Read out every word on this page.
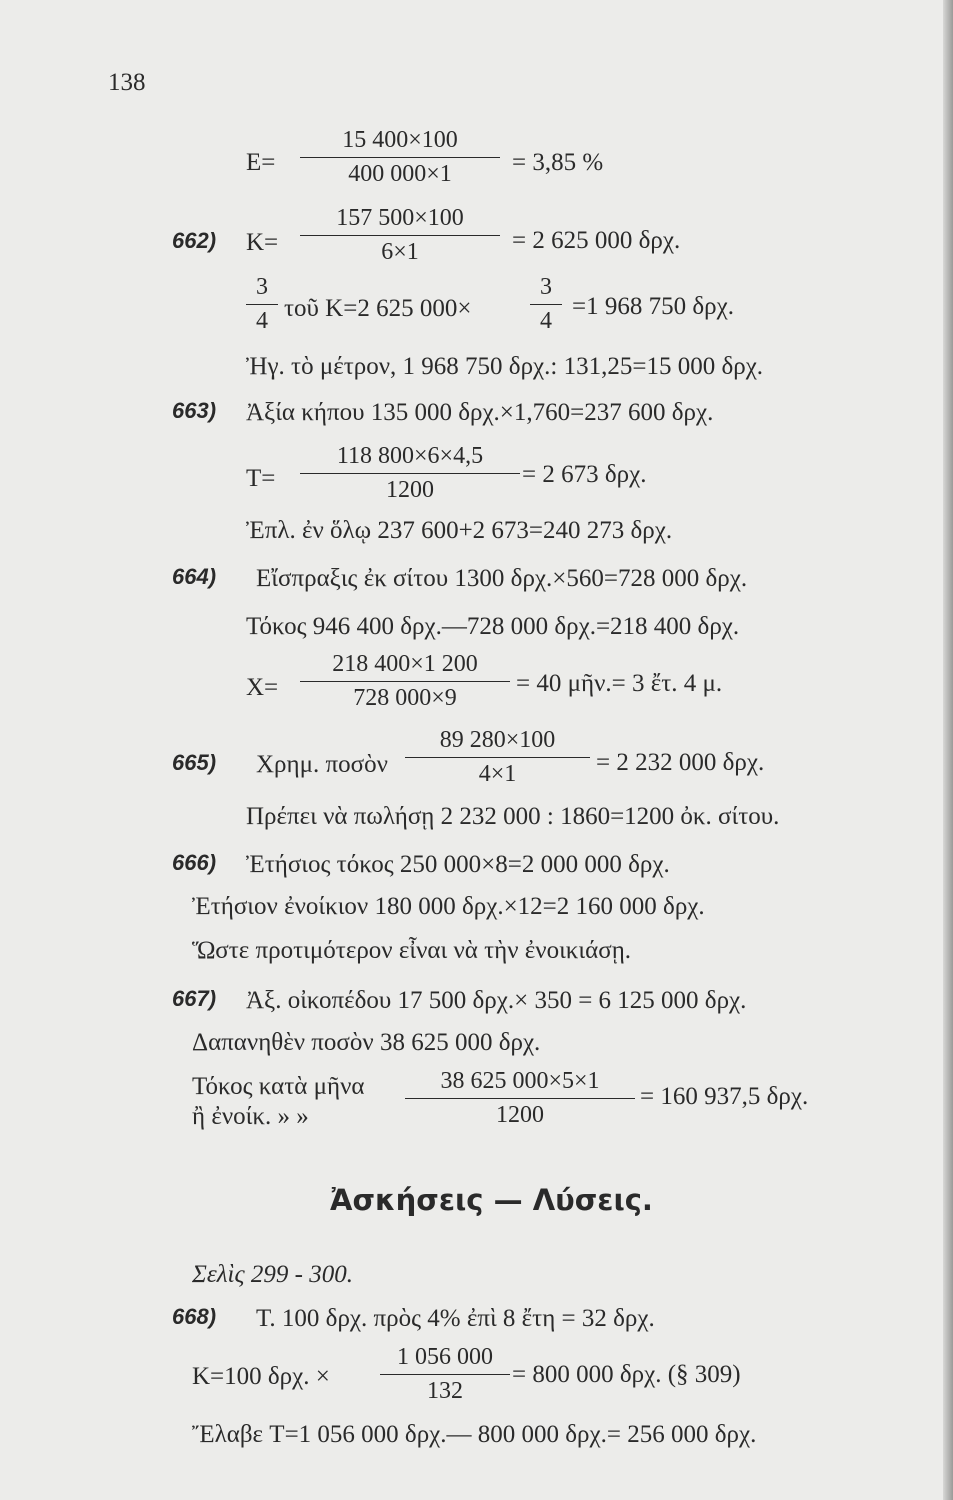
138
$E= \frac{15 400\times 100}{400 000\times 1} = 3,85$ %
662) $K= \frac{157 500\times 100}{6\times 1} = 2$ 625 000 δρχ.
$\frac{3}{4}$ τοῦ K=2 625 $000\times \frac{3}{4} =1$ 968 750 δρχ.
Ἠγ. τὸ μέτρον, 1 968 750 δρχ.: 131,25=15 000 δρχ.
663) Ἀξία κήπου 135 000 δρχ.×1,760=237 600 δρχ.
$T= \frac{118 800\times 6\times 4,5}{1200} = 2$ 673 δρχ.
Ἐπλ. ἐν ὅλῳ 237 600+2 673=240 273 δρχ.
664) Εἴσπραξις ἐκ σίτου 1300 δρχ.×560=728 000 δρχ.
Τόκος 946 400 δρχ.—728 000 δρχ.=218 400 δρχ.
$X= \frac{218 400\times 1 200}{728 000\times 9} = 40$ μῆν.= 3 ἔτ. 4 μ.
665) Χρημ. ποσὸν $\frac{89 280\times 100}{4\times 1} = 2$ 232 000 δρχ.
Πρέπει νὰ πωλήσῃ 2 232 000 : 1860=1200 ὀκ. σίτου.
666) Ἐτήσιος τόκος 250 000×8=2 000 000 δρχ.
Ἐτήσιον ἐνοίκιον 180 000 δρχ.×12=2 160 000 δρχ.
Ὥστε προτιμότερον εἶναι νὰ τὴν ἐνοικιάσῃ.
667) Ἀξ. οἰκοπέδου 17 500 δρχ.× 350 = 6 125 000 δρχ.
Δαπανηθὲν ποσὸν 38 625 000 δρχ.
Τόκος κατὰ μῆνα
ἢ ἐνοίκ. » »	$\frac{38 625 000\times 5\times 1}{1200} = 160$ 937,5 δρχ.
Ἀσκήσεις — Λύσεις.
Σελὶς 299 - 300.
668) T. 100 δρχ. πρὸς 4% ἐπὶ 8 ἔτη = 32 δρχ.
K=100 δρχ. × $\frac{1 056 000}{132} = 800$ 000 δρχ. (§ 309)
Ἔλαβε T=1 056 000 δρχ.— 800 000 δρχ.= 256 000 δρχ.
